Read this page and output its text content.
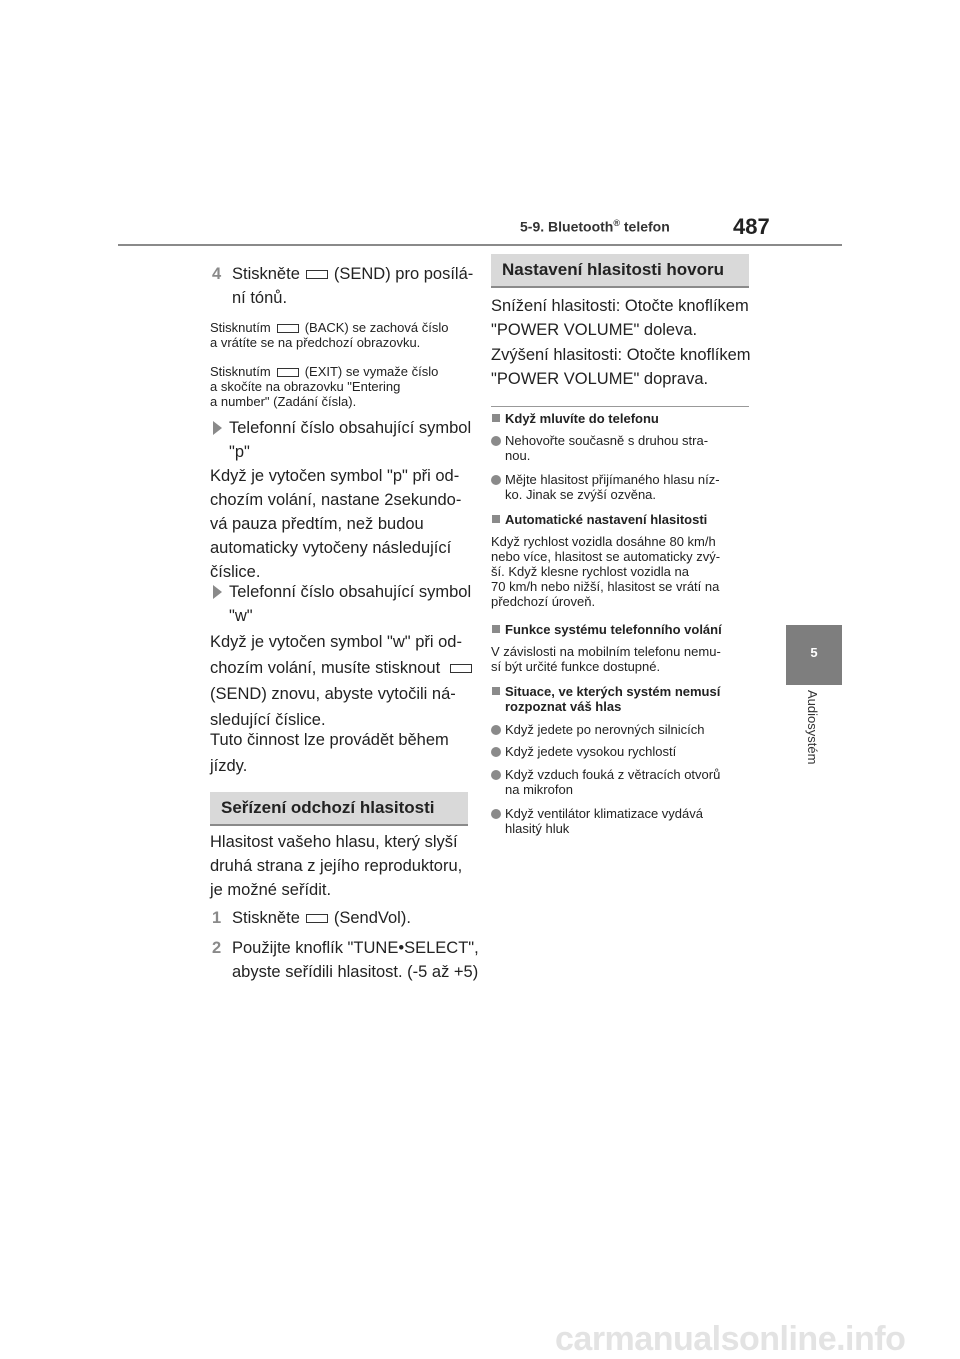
5-9. Bluetooth® telefon	487
5
Audiosystém
4 Stiskněte (SEND) pro posílá-
ní tónů.
Stisknutím	(BACK) se zachová číslo
a vrátíte se na předchozí obrazovku.
Stisknutím	(EXIT) se vymaže číslo
a skočíte na obrazovku "Entering
a number" (Zadání čísla).
Telefonní číslo obsahující symbol
"p"
Když je vytočen symbol "p" při od-
chozím volání, nastane 2sekundo-
vá pauza předtím, než budou
automaticky vytočeny následující
číslice.
Telefonní číslo obsahující symbol
"w"
Když je vytočen symbol "w" při od-
chozím volání, musíte stisknout
(SEND) znovu, abyste vytočili ná-
sledující číslice.
Tuto činnost lze provádět během
jízdy.
Seřízení odchozí hlasitosti
Hlasitost vašeho hlasu, který slyší
druhá strana z jejího reproduktoru,
je možné seřídit.
1 Stiskněte (SendVol).
2 Použijte knoflík "TUNE•SELECT",
abyste seřídili hlasitost. (-5 až +5)
Nastavení hlasitosti hovoru
Snížení hlasitosti: Otočte knoflíkem
"POWER VOLUME" doleva.
Zvýšení hlasitosti: Otočte knoflíkem
"POWER VOLUME" doprava.
Když mluvíte do telefonu
Nehovořte současně s druhou stra-
nou.
Mějte hlasitost přijímaného hlasu níz-
ko. Jinak se zvýší ozvěna.
Automatické nastavení hlasitosti
Když rychlost vozidla dosáhne 80 km/h
nebo více, hlasitost se automaticky zvý-
ší. Když klesne rychlost vozidla na
70 km/h nebo nižší, hlasitost se vrátí na
předchozí úroveň.
Funkce systému telefonního volání
V závislosti na mobilním telefonu nemu-
sí být určité funkce dostupné.
Situace, ve kterých systém nemusí
rozpoznat váš hlas
Když jedete po nerovných silnicích
Když jedete vysokou rychlostí
Když vzduch fouká z větracích otvorů
na mikrofon
Když ventilátor klimatizace vydává
hlasitý hluk
carmanualsonline.info
